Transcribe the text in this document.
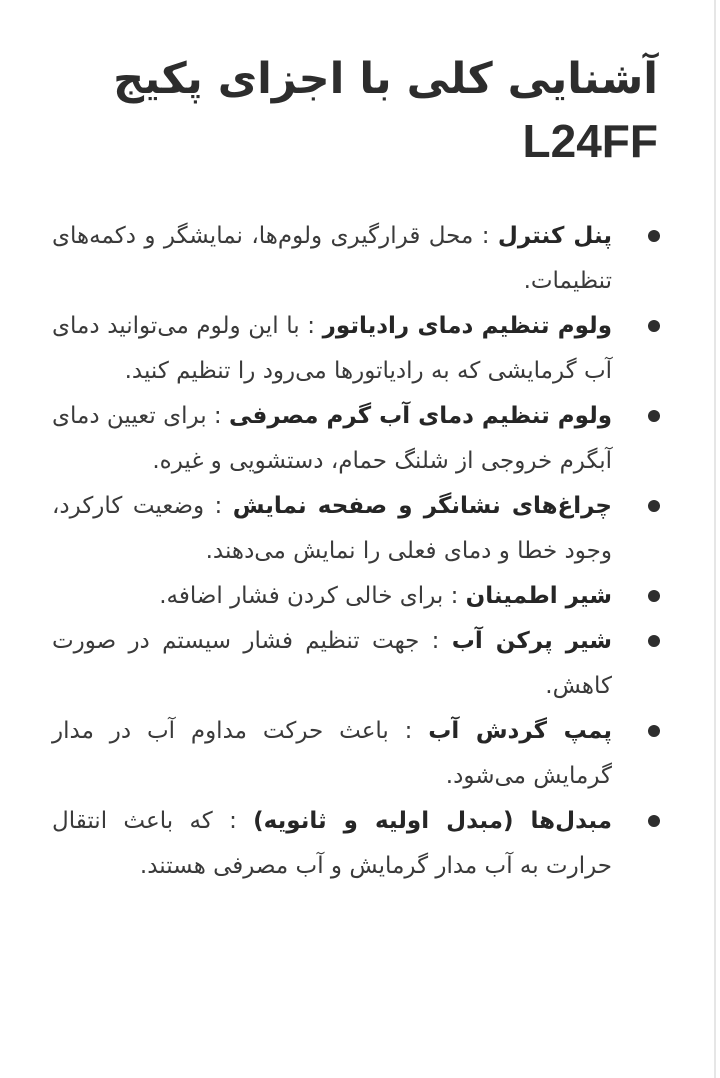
آشنایی کلی با اجزای پکیج
L24FF
پنل کنترل : محل قرارگیری ولوم‌ها، نمایشگر و دکمه‌های تنظیمات.
ولوم تنظیم دمای رادیاتور : با این ولوم می‌توانید دمای آب گرمایشی که به رادیاتورها می‌رود را تنظیم کنید.
ولوم تنظیم دمای آب گرم مصرفی : برای تعیین دمای آبگرم خروجی از شلنگ حمام، دستشویی و غیره.
چراغ‌های نشانگر و صفحه نمایش : وضعیت کارکرد، وجود خطا و دمای فعلی را نمایش می‌دهند.
شیر اطمینان : برای خالی کردن فشار اضافه.
شیر پرکن آب : جهت تنظیم فشار سیستم در صورت کاهش.
پمپ گردش آب : باعث حرکت مداوم آب در مدار گرمایش می‌شود.
مبدل‌ها (مبدل اولیه و ثانویه) : که باعث انتقال حرارت به آب مدار گرمایش و آب مصرفی هستند.
